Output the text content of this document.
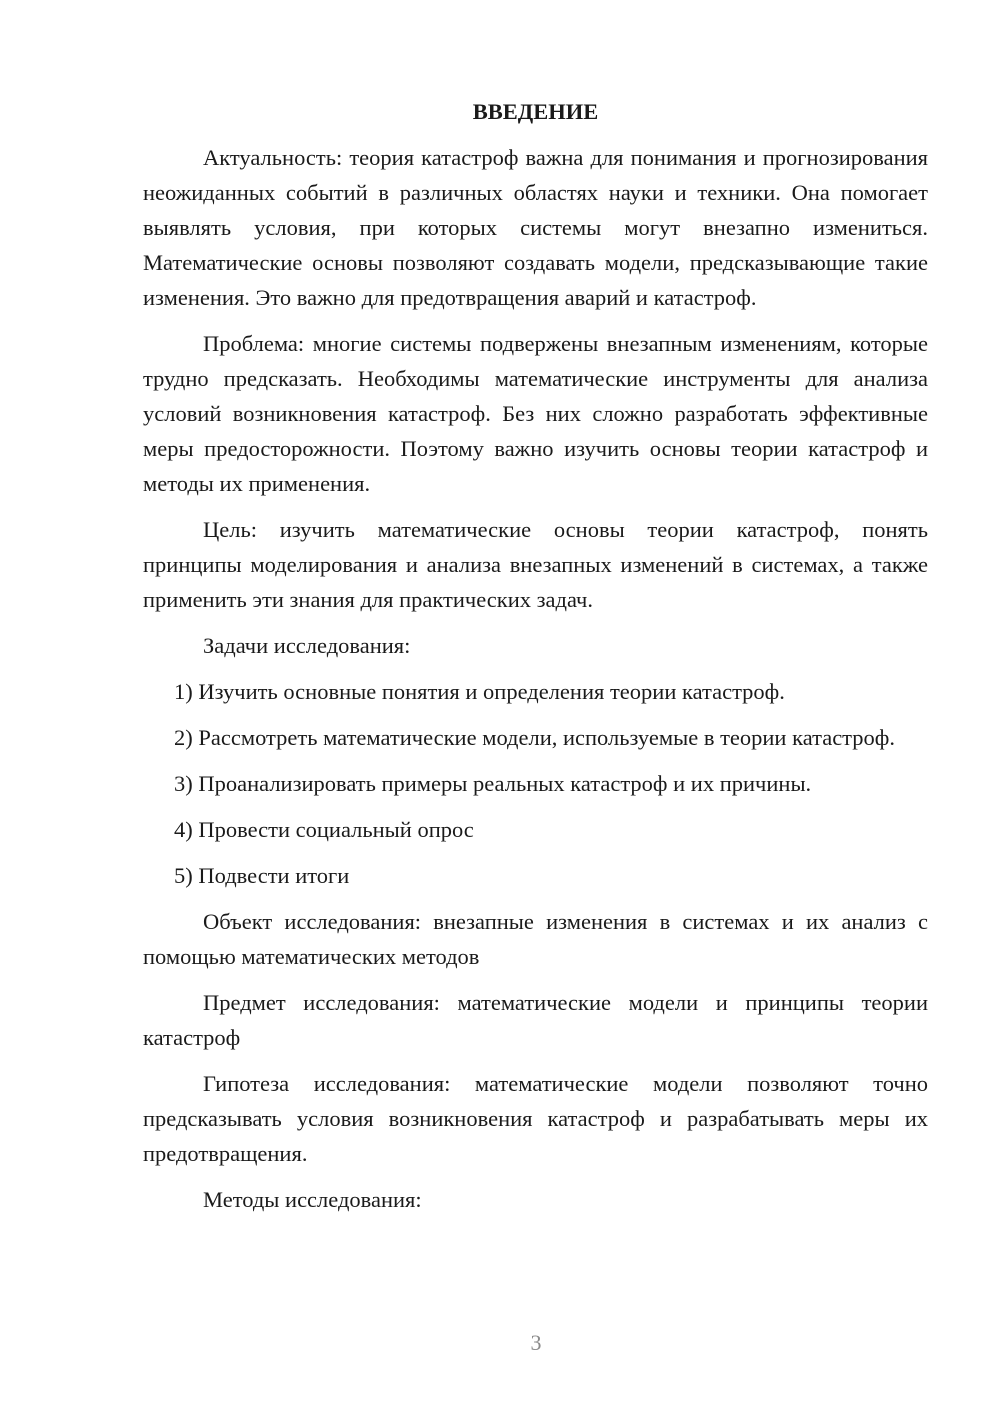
ВВЕДЕНИЕ

Актуальность: теория катастроф важна для понимания и прогнозирования неожиданных событий в различных областях науки и техники. Она помогает выявлять условия, при которых системы могут внезапно измениться. Математические основы позволяют создавать модели, предсказывающие такие изменения. Это важно для предотвращения аварий и катастроф.

Проблема: многие системы подвержены внезапным изменениям, которые трудно предсказать. Необходимы математические инструменты для анализа условий возникновения катастроф. Без них сложно разработать эффективные меры предосторожности. Поэтому важно изучить основы теории катастроф и методы их применения.

Цель: изучить математические основы теории катастроф, понять принципы моделирования и анализа внезапных изменений в системах, а также применить эти знания для практических задач.

Задачи исследования:

1) Изучить основные понятия и определения теории катастроф.

2) Рассмотреть математические модели, используемые в теории катастроф.

3) Проанализировать примеры реальных катастроф и их причины.

4) Провести социальный опрос

5) Подвести итоги

Объект исследования: внезапные изменения в системах и их анализ с помощью математических методов

Предмет исследования: математические модели и принципы теории катастроф

Гипотеза исследования: математические модели позволяют точно предсказывать условия возникновения катастроф и разрабатывать меры их предотвращения.

Методы исследования:

3
